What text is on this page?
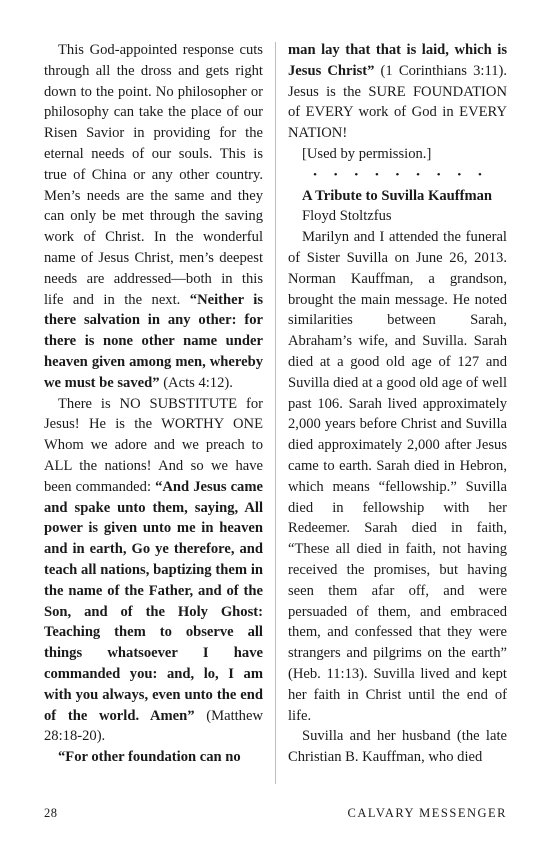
This God-appointed response cuts through all the dross and gets right down to the point. No philosopher or philosophy can take the place of our Risen Savior in providing for the eternal needs of our souls. This is true of China or any other country. Men’s needs are the same and they can only be met through the saving work of Christ. In the wonderful name of Jesus Christ, men’s deepest needs are addressed—both in this life and in the next. “Neither is there salvation in any other: for there is none other name under heaven given among men, whereby we must be saved” (Acts 4:12).

There is NO SUBSTITUTE for Jesus! He is the WORTHY ONE Whom we adore and we preach to ALL the nations! And so we have been commanded: “And Jesus came and spake unto them, saying, All power is given unto me in heaven and in earth, Go ye therefore, and teach all nations, baptizing them in the name of the Father, and of the Son, and of the Holy Ghost: Teaching them to observe all things whatsoever I have commanded you: and, lo, I am with you always, even unto the end of the world. Amen” (Matthew 28:18-20).

“For other foundation can no

man lay that that is laid, which is Jesus Christ” (1 Corinthians 3:11). Jesus is the SURE FOUNDATION of EVERY work of God in EVERY NATION!

[Used by permission.]

• • • • • • • • •

A Tribute to Suvilla Kauffman

Floyd Stoltzfus

Marilyn and I attended the funeral of Sister Suvilla on June 26, 2013. Norman Kauffman, a grandson, brought the main message. He noted similarities between Sarah, Abraham’s wife, and Suvilla. Sarah died at a good old age of 127 and Suvilla died at a good old age of well past 106. Sarah lived approximately 2,000 years before Christ and Suvilla died approximately 2,000 after Jesus came to earth. Sarah died in Hebron, which means “fellowship.” Suvilla died in fellowship with her Redeemer. Sarah died in faith, “These all died in faith, not having received the promises, but having seen them afar off, and were persuaded of them, and embraced them, and confessed that they were strangers and pilgrims on the earth” (Heb. 11:13). Suvilla lived and kept her faith in Christ until the end of life.

Suvilla and her husband (the late Christian B. Kauffman, who died

28	CALVARY MESSENGER
